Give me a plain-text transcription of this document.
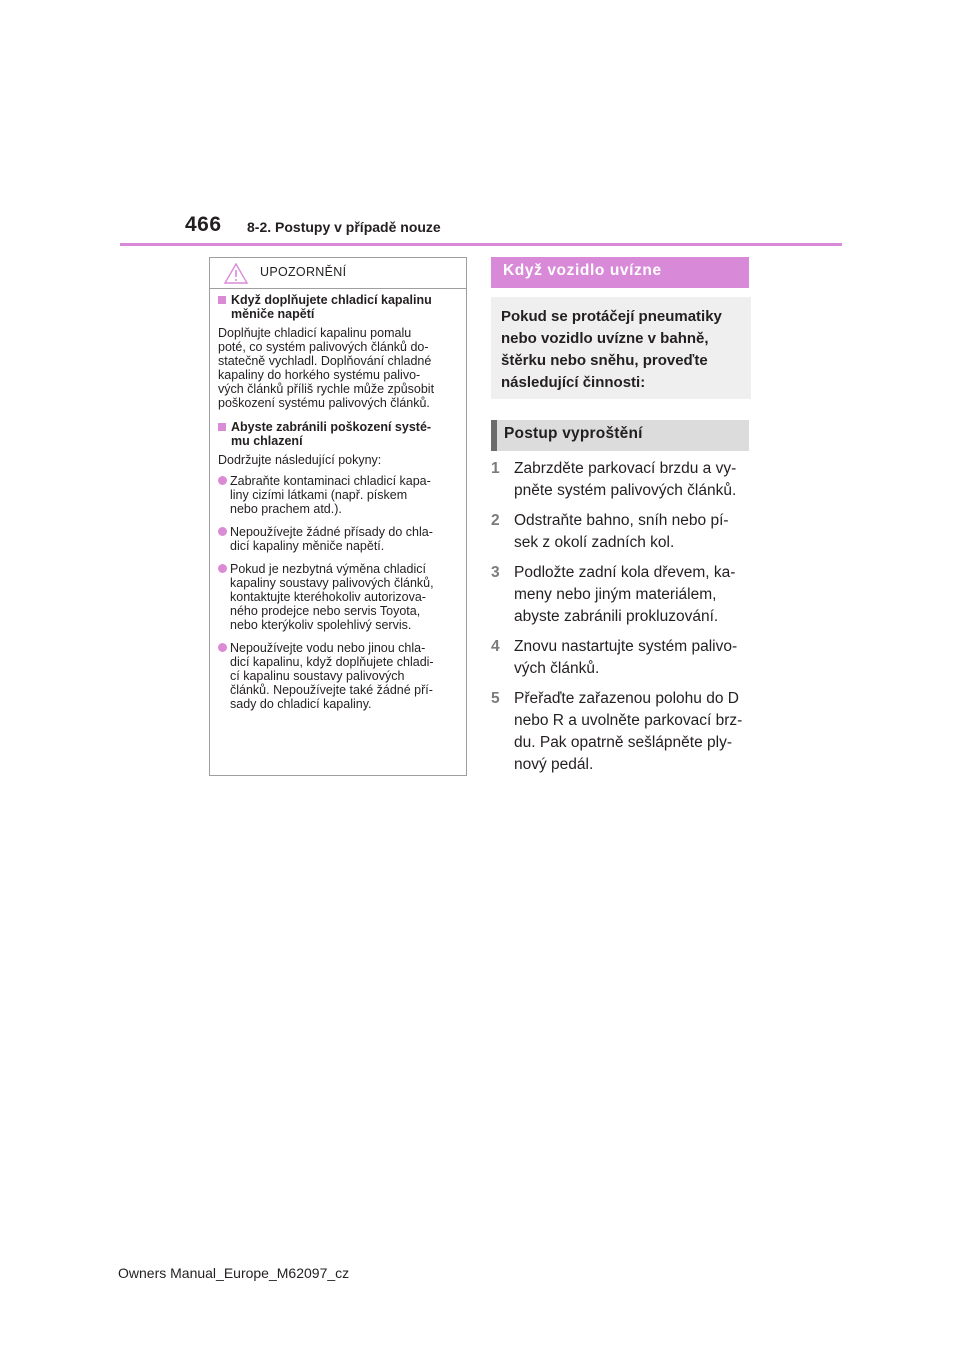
466 8-2. Postupy v případě nouze
UPOZORNĚNÍ
Když doplňujete chladicí kapalinu
měniče napětí
Doplňujte chladicí kapalinu pomalu
poté, co systém palivových článků do-
statečně vychladl. Doplňování chladné
kapaliny do horkého systému palivo-
vých článků příliš rychle může způsobit
poškození systému palivových článků.
Abyste zabránili poškození systé-
mu chlazení
Dodržujte následující pokyny:
Zabraňte kontaminaci chladicí kapa-
liny cizími látkami (např. pískem
nebo prachem atd.).
Nepoužívejte žádné přísady do chla-
dicí kapaliny měniče napětí.
Pokud je nezbytná výměna chladicí
kapaliny soustavy palivových článků,
kontaktujte kteréhokoliv autorizova-
ného prodejce nebo servis Toyota,
nebo kterýkoliv spolehlivý servis.
Nepoužívejte vodu nebo jinou chla-
dicí kapalinu, když doplňujete chladi-
cí kapalinu soustavy palivových
článků. Nepoužívejte také žádné pří-
sady do chladicí kapaliny.
Když vozidlo uvízne
Pokud se protáčejí pneumatiky
nebo vozidlo uvízne v bahně,
štěrku nebo sněhu, proveďte
následující činnosti:
Postup vyproštění
1 Zabrzděte parkovací brzdu a vy-
pněte systém palivových článků.
2 Odstraňte bahno, sníh nebo pí-
sek z okolí zadních kol.
3 Podložte zadní kola dřevem, ka-
meny nebo jiným materiálem,
abyste zabránili prokluzování.
4 Znovu nastartujte systém palivo-
vých článků.
5 Přeřaďte zařazenou polohu do D
nebo R a uvolněte parkovací brz-
du. Pak opatrně sešlápněte ply-
nový pedál.
Owners Manual_Europe_M62097_cz
